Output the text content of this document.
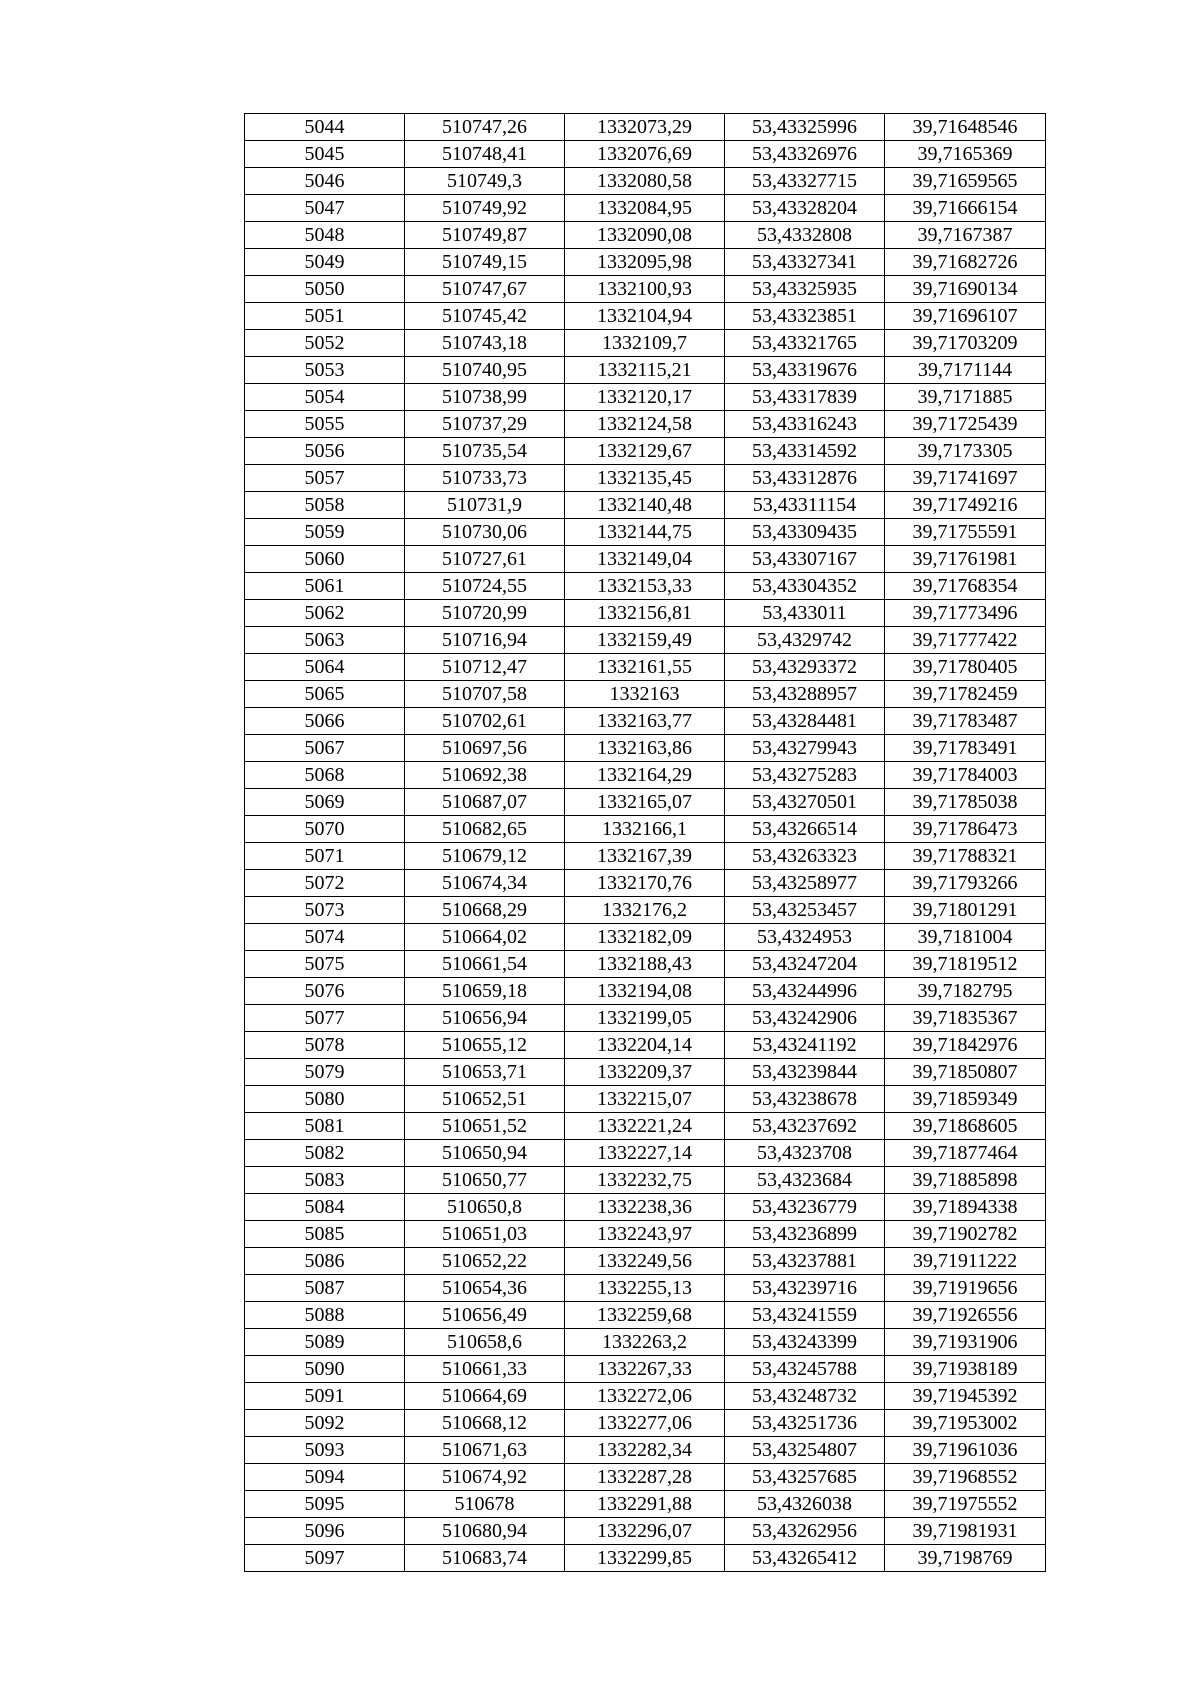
5044	510747,26	1332073,29	53,43325996	39,71648546
5045	510748,41	1332076,69	53,43326976	39,7165369
5046	510749,3	1332080,58	53,43327715	39,71659565
5047	510749,92	1332084,95	53,43328204	39,71666154
5048	510749,87	1332090,08	53,4332808	39,7167387
5049	510749,15	1332095,98	53,43327341	39,71682726
5050	510747,67	1332100,93	53,43325935	39,71690134
5051	510745,42	1332104,94	53,43323851	39,71696107
5052	510743,18	1332109,7	53,43321765	39,71703209
5053	510740,95	1332115,21	53,43319676	39,7171144
5054	510738,99	1332120,17	53,43317839	39,7171885
5055	510737,29	1332124,58	53,43316243	39,71725439
5056	510735,54	1332129,67	53,43314592	39,7173305
5057	510733,73	1332135,45	53,43312876	39,71741697
5058	510731,9	1332140,48	53,43311154	39,71749216
5059	510730,06	1332144,75	53,43309435	39,71755591
5060	510727,61	1332149,04	53,43307167	39,71761981
5061	510724,55	1332153,33	53,43304352	39,71768354
5062	510720,99	1332156,81	53,433011	39,71773496
5063	510716,94	1332159,49	53,4329742	39,71777422
5064	510712,47	1332161,55	53,43293372	39,71780405
5065	510707,58	1332163	53,43288957	39,71782459
5066	510702,61	1332163,77	53,43284481	39,71783487
5067	510697,56	1332163,86	53,43279943	39,71783491
5068	510692,38	1332164,29	53,43275283	39,71784003
5069	510687,07	1332165,07	53,43270501	39,71785038
5070	510682,65	1332166,1	53,43266514	39,71786473
5071	510679,12	1332167,39	53,43263323	39,71788321
5072	510674,34	1332170,76	53,43258977	39,71793266
5073	510668,29	1332176,2	53,43253457	39,71801291
5074	510664,02	1332182,09	53,4324953	39,7181004
5075	510661,54	1332188,43	53,43247204	39,71819512
5076	510659,18	1332194,08	53,43244996	39,7182795
5077	510656,94	1332199,05	53,43242906	39,71835367
5078	510655,12	1332204,14	53,43241192	39,71842976
5079	510653,71	1332209,37	53,43239844	39,71850807
5080	510652,51	1332215,07	53,43238678	39,71859349
5081	510651,52	1332221,24	53,43237692	39,71868605
5082	510650,94	1332227,14	53,4323708	39,71877464
5083	510650,77	1332232,75	53,4323684	39,71885898
5084	510650,8	1332238,36	53,43236779	39,71894338
5085	510651,03	1332243,97	53,43236899	39,71902782
5086	510652,22	1332249,56	53,43237881	39,71911222
5087	510654,36	1332255,13	53,43239716	39,71919656
5088	510656,49	1332259,68	53,43241559	39,71926556
5089	510658,6	1332263,2	53,43243399	39,71931906
5090	510661,33	1332267,33	53,43245788	39,71938189
5091	510664,69	1332272,06	53,43248732	39,71945392
5092	510668,12	1332277,06	53,43251736	39,71953002
5093	510671,63	1332282,34	53,43254807	39,71961036
5094	510674,92	1332287,28	53,43257685	39,71968552
5095	510678	1332291,88	53,4326038	39,71975552
5096	510680,94	1332296,07	53,43262956	39,71981931
5097	510683,74	1332299,85	53,43265412	39,7198769
